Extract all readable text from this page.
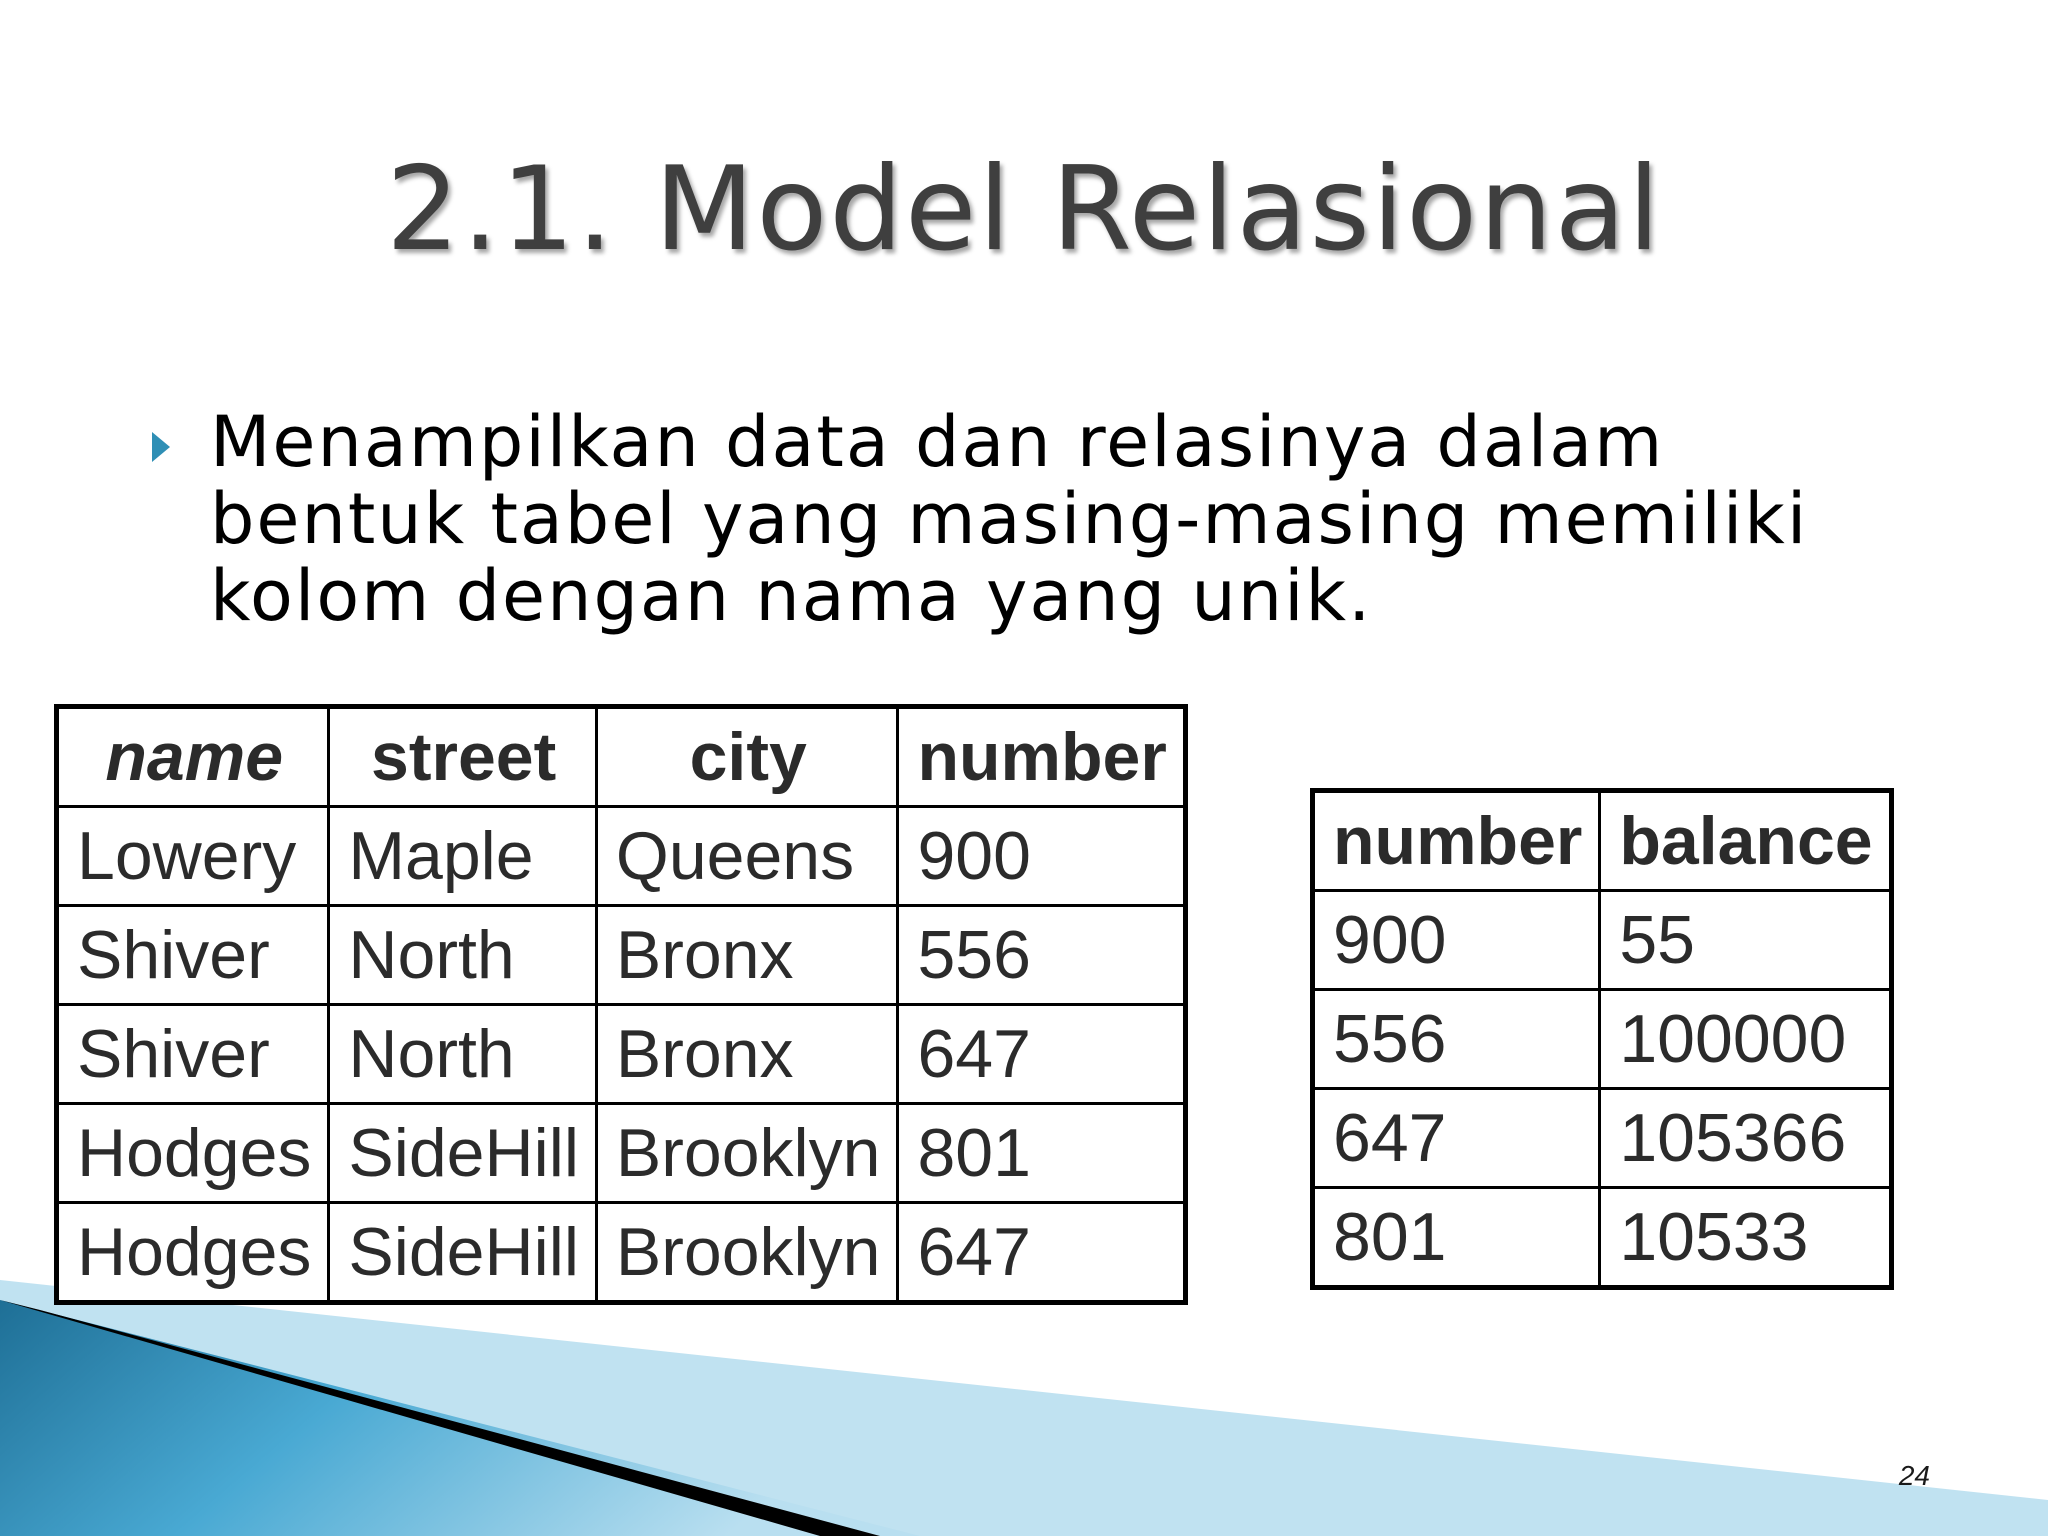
2.1. Model Relasional

Menampilkan data dan relasinya dalam bentuk tabel yang masing-masing memiliki kolom dengan nama yang unik.

name	street	city	number
Lowery	Maple	Queens	900
Shiver	North	Bronx	556
Shiver	North	Bronx	647
Hodges	SideHill	Brooklyn	801
Hodges	SideHill	Brooklyn	647
number	balance
900	55
556	100000
647	105366
801	10533
24
